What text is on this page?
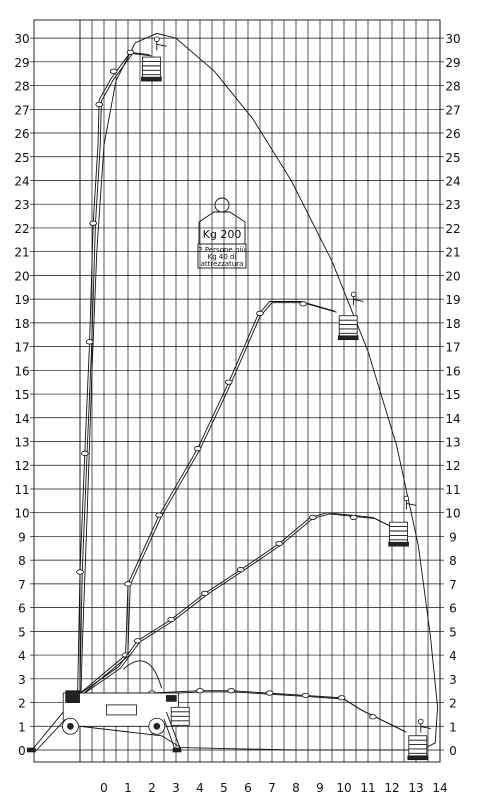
0	0
1	1
2	2
3	3
4	4
5	5
6	6
7	7
8	8
9	9
10	10
11	11
12	12
13	13
14	14
15	15
16	16
17	17
18	18
19	19
20	20
21	21
22	22
23	23
24	24
25	25
26	26
27	27
28	28
29	29
30	30
0 1 2 3 4 5 6 7 8 9 10 11 12 13 14
Kg 200
2 Persone più
Kg 40 di
attrezzatura
